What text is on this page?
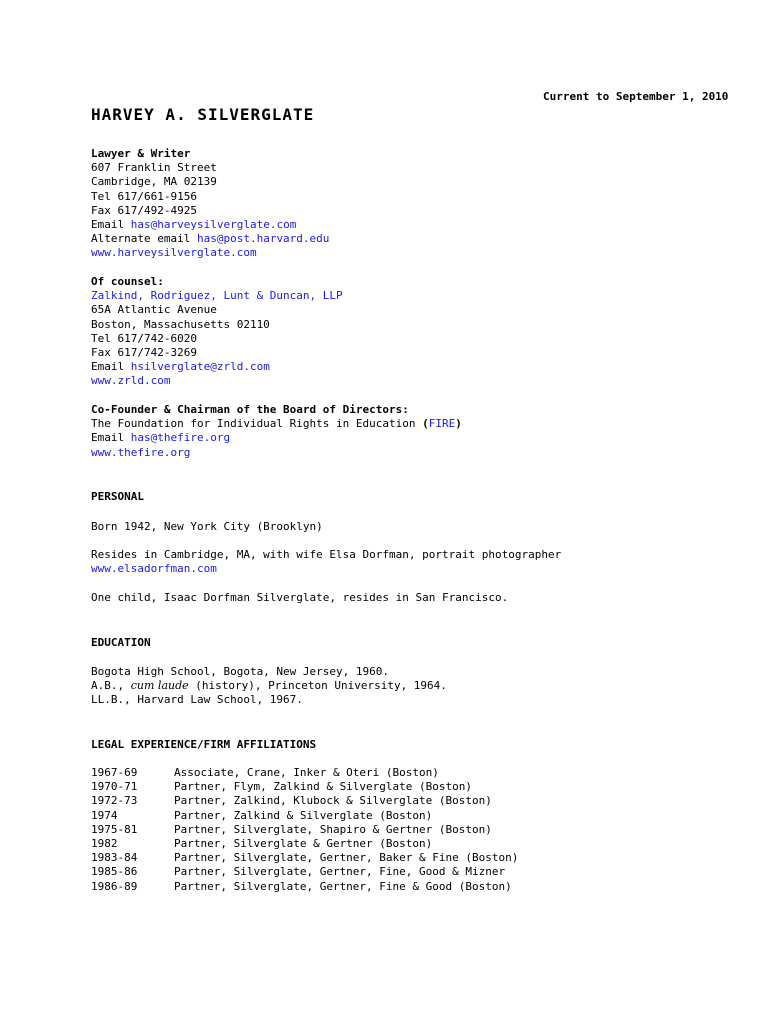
Current to September 1, 2010
HARVEY A. SILVERGLATE
Lawyer & Writer
607 Franklin Street
Cambridge, MA 02139
Tel 617/661-9156
Fax 617/492-4925
Email has@harveysilverglate.com
Alternate email has@post.harvard.edu
www.harveysilverglate.com
Of counsel:
Zalkind, Rodriguez, Lunt & Duncan, LLP
65A Atlantic Avenue
Boston, Massachusetts 02110
Tel 617/742-6020
Fax 617/742-3269
Email hsilverglate@zrld.com
www.zrld.com
Co-Founder & Chairman of the Board of Directors:
The Foundation for Individual Rights in Education (FIRE)
Email has@thefire.org
www.thefire.org
PERSONAL
Born 1942, New York City (Brooklyn)
Resides in Cambridge, MA, with wife Elsa Dorfman, portrait photographer
www.elsadorfman.com
One child, Isaac Dorfman Silverglate, resides in San Francisco.
EDUCATION
Bogota High School, Bogota, New Jersey, 1960.
A.B., cum laude (history), Princeton University, 1964.
LL.B., Harvard Law School, 1967.
LEGAL EXPERIENCE/FIRM AFFILIATIONS
1967-69	Associate, Crane, Inker & Oteri (Boston)
1970-71	Partner, Flym, Zalkind & Silverglate (Boston)
1972-73	Partner, Zalkind, Klubock & Silverglate (Boston)
1974	Partner, Zalkind & Silverglate (Boston)
1975-81	Partner, Silverglate, Shapiro & Gertner (Boston)
1982	Partner, Silverglate & Gertner (Boston)
1983-84	Partner, Silverglate, Gertner, Baker & Fine (Boston)
1985-86	Partner, Silverglate, Gertner, Fine, Good & Mizner
1986-89	Partner, Silverglate, Gertner, Fine & Good (Boston)
